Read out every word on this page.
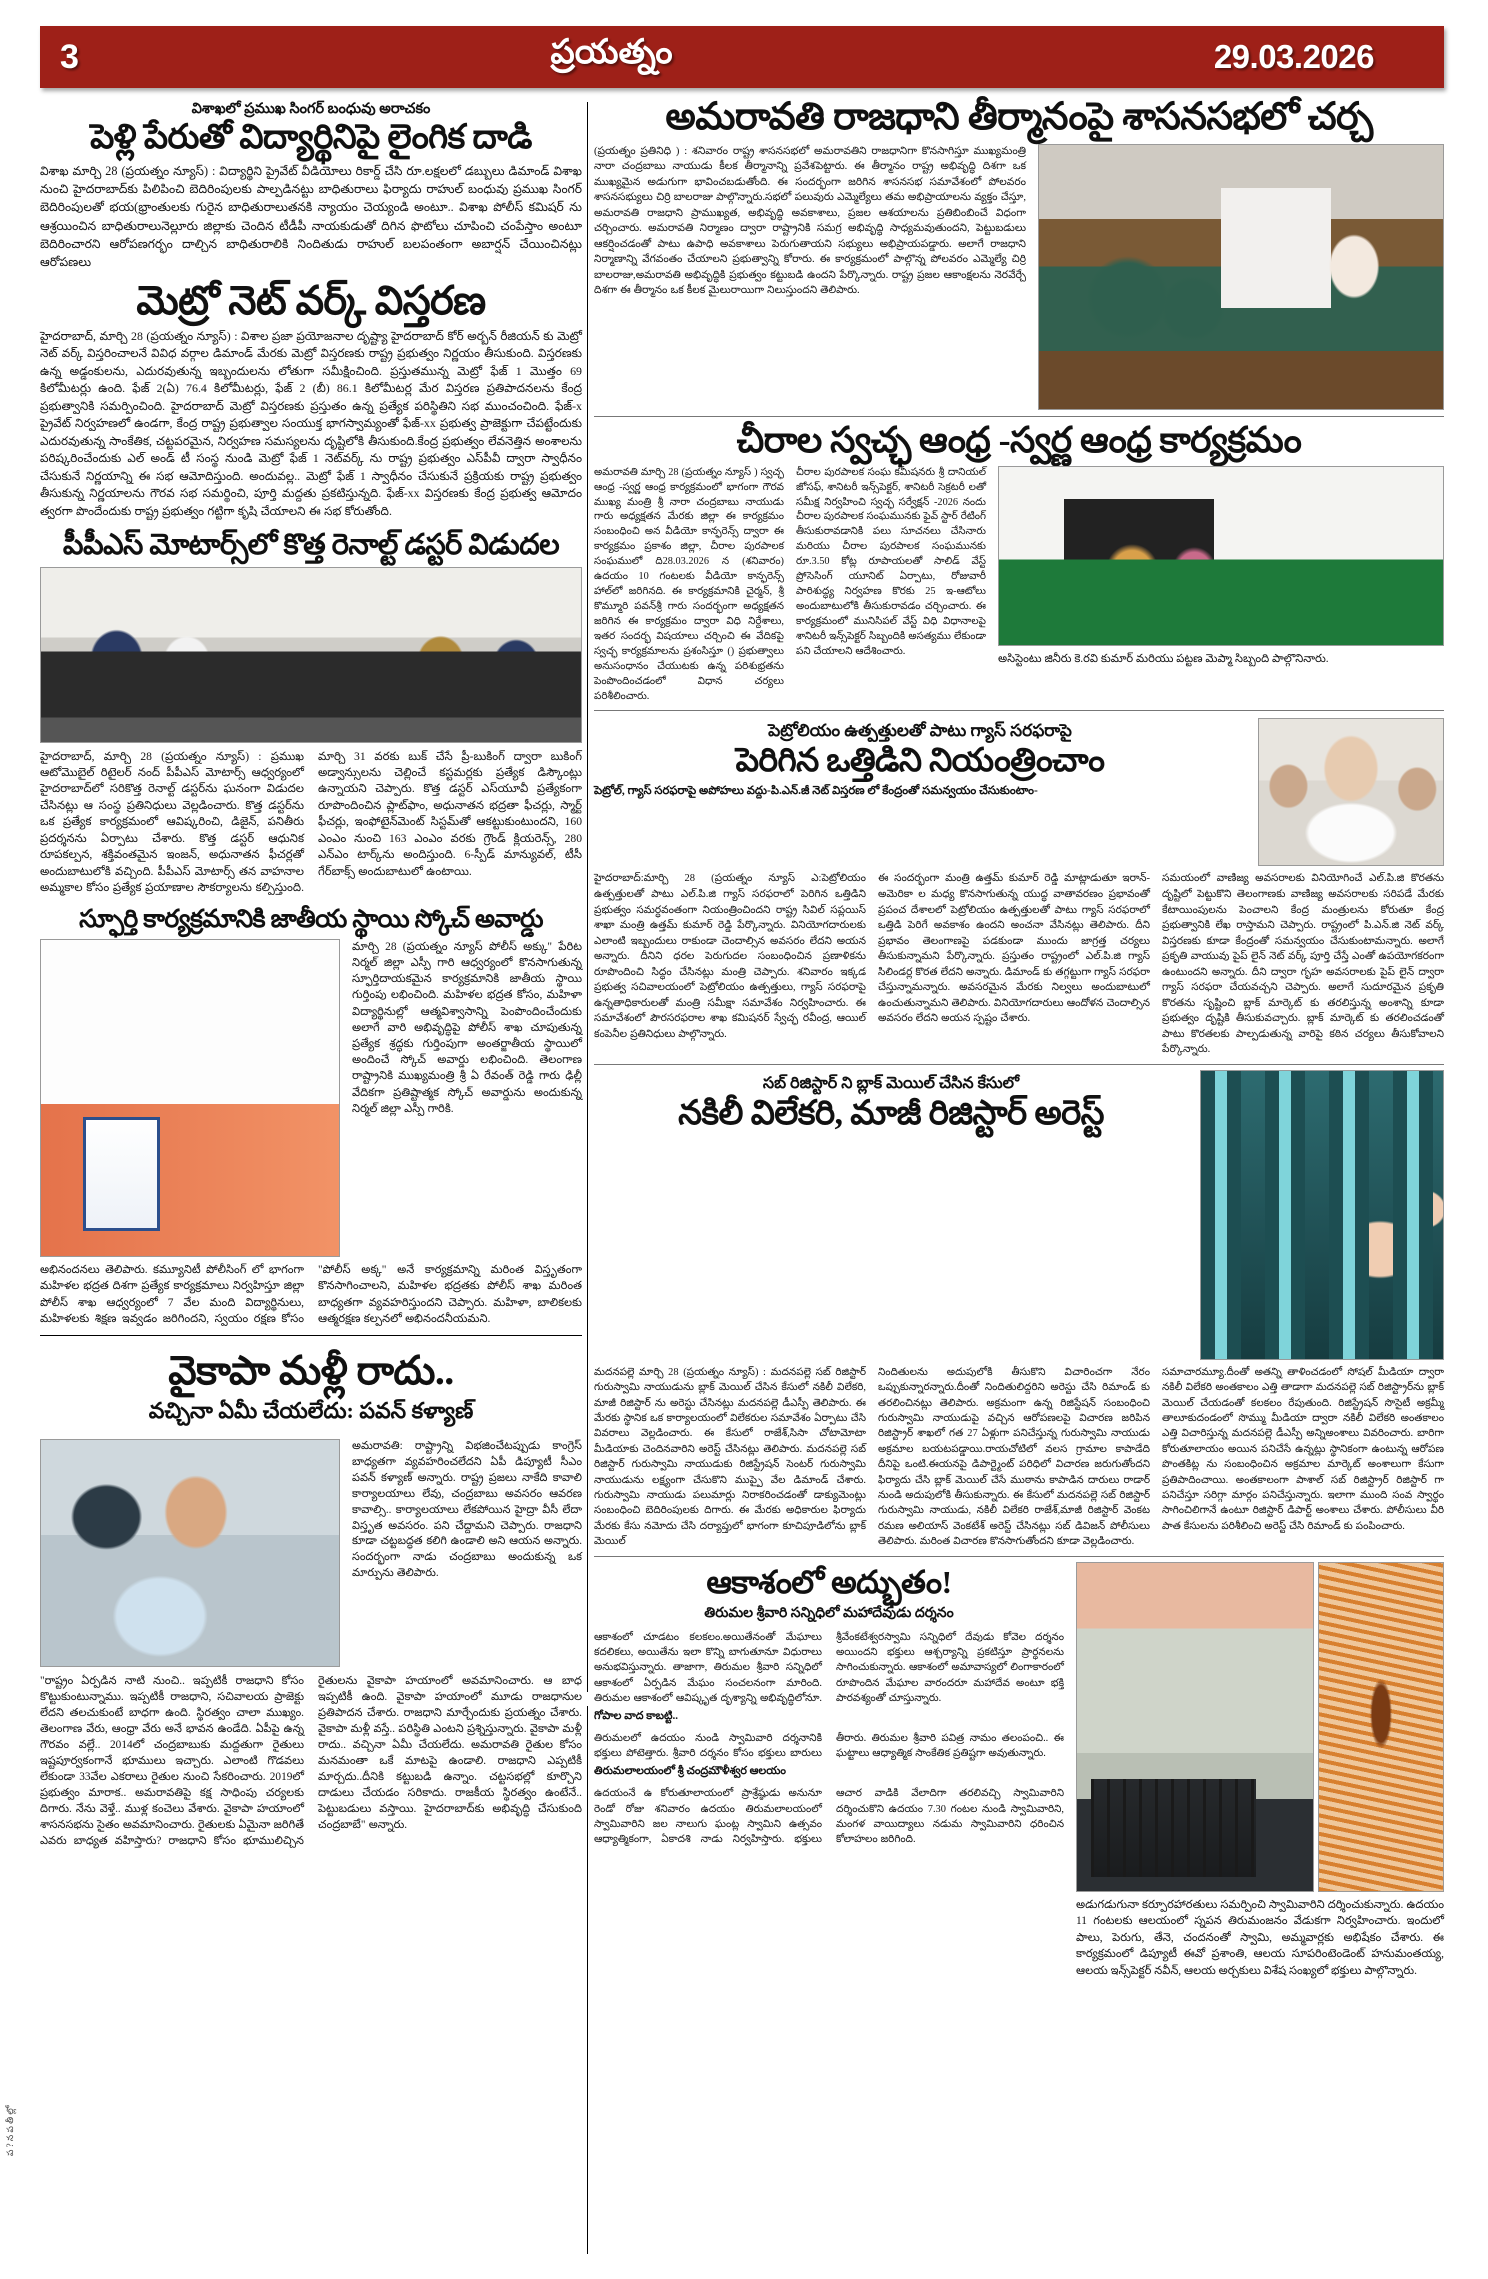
3	ప్రయత్నం	29.03.2026
విశాఖలో ప్రముఖ సింగర్ బంధువు అరాచకం
పెళ్లి పేరుతో విద్యార్థినిపై లైంగిక దాడి
విశాఖ మార్చి 28 (ప్రయత్నం న్యూస్) : విద్యార్థిని ప్రైవేట్ వీడియోలు రికార్డ్ చేసి రూ.లక్షలలో డబ్బులు డిమాండ్ విశాఖ నుంచి హైదరాబాద్‌కు పిలిపించి బెదిరింపులకు పాల్పడినట్టు బాధితురాలు ఫిర్యాదు రాహుల్ బంధువు ప్రముఖ సింగర్ బెదిరింపులతో భయ(భ్రాంతులకు గురైన బాధితురాలుతనకి న్యాయం చెయ్యండి అంటూ.. విశాఖ పోలీస్ కమిషర్ ను ఆశ్రయించిన బాధితురాలునెల్లూరు జిల్లాకు చెందిన టీడీపీ నాయకుడుతో దిగిన ఫొటోలు చూపించి చంపేస్తాం అంటూ బెదిరించారని ఆరోపణగర్భం దాల్చిన బాధితురాలికి నిందితుడు రాహుల్ బలపంతంగా అబార్షన్ చేయించినట్లు ఆరోపణలు
మెట్రో నెట్ వర్క్ విస్తరణ
హైదరాబాద్, మార్చి 28 (ప్రయత్నం న్యూస్) : విశాల ప్రజా ప్రయోజనాల దృష్ట్యా హైదరాబాద్ కోర్ అర్బన్ రీజియన్ కు మెట్రో నెట్ వర్క్ విస్తరించాలనే వివిధ వర్గాల డిమాండ్ మేరకు మెట్రో విస్తరణకు రాష్ట్ర ప్రభుత్వం నిర్ణయం తీసుకుంది. విస్తరణకు ఉన్న అడ్డంకులను, ఎదురవుతున్న ఇబ్బందులను లోతుగా సమీక్షించింది. ప్రస్తుతమున్న మెట్రో ఫేజ్ 1 మొత్తం 69 కిలోమీటర్లు ఉంది. ఫేజ్ 2(ఏ) 76.4 కిలోమీటర్లు, ఫేజ్ 2 (బీ) 86.1 కిలోమీటర్ల మేర విస్తరణ ప్రతిపాదనలను కేంద్ర ప్రభుత్వానికి సమర్పించింది. హైదరాబాద్ మెట్రో విస్తరణకు ప్రస్తుతం ఉన్న ప్రత్యేక పరిస్థితిని సభ ముంచంచింది. ఫేజ్-x ప్రైవేట్ నిర్వహణలో ఉండగా, కేంద్ర రాష్ట్ర ప్రభుత్వాల సంయుక్త భాగస్వామ్యంతో ఫేజ్-xx ప్రభుత్వ ప్రాజెక్టుగా చేపట్టేందుకు ఎదురవుతున్న సాంకేతిక, చట్టపరమైన, నిర్వహణ సమస్యలను దృష్టిలోకి తీసుకుంది.కేంద్ర ప్రభుత్వం లేవనెత్తిన అంశాలను పరిష్కరించేందుకు ఎల్ అండ్ టీ సంస్థ నుండి మెట్రో ఫేజ్ 1 నెట్‌వర్క్ ను రాష్ట్ర ప్రభుత్వం ఎస్‌పీవీ ద్వారా స్వాధీనం చేసుకునే నిర్ణయాన్ని ఈ సభ ఆమోదిస్తుంది. అందువల్ల.. మెట్రో ఫేజ్ 1 స్వాధీనం చేసుకునే ప్రక్రియకు రాష్ట్ర ప్రభుత్వం తీసుకున్న నిర్ణయాలను గౌరవ సభ సమర్థించి, పూర్తి మద్దతు ప్రకటిస్తున్నది. ఫేజ్-xx విస్తరణకు కేంద్ర ప్రభుత్వ ఆమోదం త్వరగా పొందేందుకు రాష్ట్ర ప్రభుత్వం గట్టిగా కృషి చేయాలని ఈ సభ కోరుతోంది.
పీపీఎస్ మోటార్స్‌లో కొత్త రెనాల్ట్ డస్టర్ విడుదల
హైదరాబాద్, మార్చి 28 (ప్రయత్నం న్యూస్) : ప్రముఖ ఆటోమొబైల్ రిటైలర్ నంద్ పీపీఎస్ మోటార్స్ ఆధ్వర్యంలో హైదరాబాద్‌లో సరికొత్త రెనాల్ట్ డస్టర్‌ను ఘనంగా విడుదల చేసినట్లు ఆ సంస్థ ప్రతినిధులు వెల్లడించారు. కొత్త డస్టర్‌ను ఒక ప్రత్యేక కార్యక్రమంలో ఆవిష్కరించి, డిజైన్, పనితీరు ప్రదర్శనను ఏర్పాటు చేశారు. కొత్త డస్టర్ ఆధునిక రూపకల్పన, శక్తివంతమైన ఇంజన్, అధునాతన ఫీచర్లతో అందుబాటులోకి వచ్చింది. పీపీఎస్ మోటార్స్ తన వాహనాల అమ్మకాల కోసం ప్రత్యేక ప్రయాణాల సౌకర్యాలను కల్పిస్తుంది. మార్చి 31 వరకు బుక్ చేసే ప్రీ-బుకింగ్ ద్వారా బుకింగ్ అడ్వాన్సులను చెల్లించే కస్టమర్లకు ప్రత్యేక డిస్కౌంట్లు ఉన్నాయని చెప్పారు. కొత్త డస్టర్ ఎస్‌యూవీ ప్రత్యేకంగా రూపొందించిన ప్లాట్‌ఫాం, అధునాతన భద్రతా ఫీచర్లు, స్మార్ట్ ఫీచర్లు, ఇంఫోటైన్‌మెంట్ సిస్టమ్‌తో ఆకట్టుకుంటుందని, 160 ఎంఎం నుంచి 163 ఎంఎం వరకు గ్రౌండ్ క్లియరెన్స్, 280 ఎన్‌ఎం టార్క్‌ను అందిస్తుంది. 6-స్పీడ్ మాన్యువల్, టీసీ గేర్‌బాక్స్ అందుబాటులో ఉంటాయి.
స్ఫూర్తి కార్యక్రమానికి జాతీయ స్థాయి స్కోచ్ అవార్డు
మార్చి 28 (ప్రయత్నం న్యూస్ పోలీస్ అక్కు" పేరిట నిర్మల్ జిల్లా ఎస్పీ గారి ఆధ్వర్యంలో కొనసాగుతున్న స్ఫూర్తిదాయకమైన కార్యక్రమానికి జాతీయ స్థాయి గుర్తింపు లభించింది. మహిళల భద్రత కోసం, మహిళా విద్యార్థినుల్లో ఆత్మవిశ్వాసాన్ని పెంపొందించేందుకు అలాగే వారి అభివృద్ధిపై పోలీస్ శాఖ చూపుతున్న ప్రత్యేక శ్రద్ధకు గుర్తింపుగా అంతర్జాతీయ స్థాయిలో అందించే స్కోచ్ అవార్డు లభించింది. తెలంగాణ రాష్ట్రానికి ముఖ్యమంత్రి శ్రీ ఏ రేవంత్ రెడ్డి గారు ఢిల్లీ వేదికగా ప్రతిష్టాత్మక స్కోచ్ అవార్డును అందుకున్న నిర్మల్ జిల్లా ఎస్పీ గారికి.
అభినందనలు తెలిపారు. కమ్యూనిటీ పోలీసింగ్ లో భాగంగా మహిళల భద్రత దిశగా ప్రత్యేక కార్యక్రమాలు నిర్వహిస్తూ జిల్లా పోలీస్ శాఖ ఆధ్వర్యంలో 7 వేల మంది విద్యార్థినులు, మహిళలకు శిక్షణ ఇవ్వడం జరిగిందని, స్వయం రక్షణ కోసం "పోలీస్ అక్క" అనే కార్యక్రమాన్ని మరింత విస్తృతంగా కొనసాగించాలని, మహిళల భద్రతకు పోలీస్ శాఖ మరింత బాధ్యతగా వ్యవహరిస్తుందని చెప్పారు. మహిళా, బాలికలకు ఆత్మరక్షణ కల్పనలో అభినందనీయమని.
వైకాపా మళ్లీ రాదు..
వచ్చినా ఏమీ చేయలేదు: పవన్ కళ్యాణ్
అమరావతి: రాష్ట్రాన్ని విభజించేటప్పుడు కాంగ్రెస్ బాధ్యతగా వ్యవహరించలేదని ఏపీ డిప్యూటీ సీఎం పవన్ కళ్యాణ్ అన్నారు. రాష్ట్ర ప్రజలు నాకేది కావాలి కార్యాలయాలు లేవు, చంద్రబాబు అవసరం ఆవరణ కావాల్సి.. కార్యాలయాలు లేకపోయిన హైద్రా వీసీ లేదా విస్తృత అవసరం. పని చేద్దామని చెప్పారు. రాజధాని కూడా చట్టబద్ధత కలిగి ఉండాలి అని ఆయన అన్నారు. సందర్భంగా నాడు చంద్రబాబు అందుకున్న ఒక మార్పును తెలిపారు.
"రాష్ట్రం ఏర్పడిన నాటి నుంచి.. ఇప్పటికీ రాజధాని కోసం కొట్టుకుంటున్నాము. ఇప్పటికీ రాజధాని, సచివాలయ ప్రాజెక్టు లేదని తలచుకుంటే బాధగా ఉంది. స్థిరత్వం చాలా ముఖ్యం. తెలంగాణ వేరు, ఆంధ్రా వేరు అనే భావన ఉండేది. ఏపీపై ఉన్న గౌరవం వల్లే.. 2014లో చంద్రబాబుకు మద్దతుగా రైతులు ఇష్టపూర్వకంగానే భూములు ఇచ్చారు. ఎలాంటి గొడవలు లేకుండా 33వేల ఎకరాలు రైతుల నుంచి సేకరించారు. 2019లో ప్రభుత్వం మారాక.. అమరావతిపై కక్ష సాధింపు చర్యలకు దిగారు. నేను వెళ్తే.. ముళ్ల కంచెలు వేశారు. వైకాపా హయాంలో శాసనసభను సైతం అవమానించారు. రైతులకు ఏమైనా జరిగితే ఎవరు బాధ్యత వహిస్తారు? రాజధాని కోసం భూములిచ్చిన రైతులను వైకాపా హయాంలో అవమానించారు. ఆ బాధ ఇప్పటికీ ఉంది. వైకాపా హయాంలో మూడు రాజధానుల ప్రతిపాదన చేశారు. రాజధాని మార్చేందుకు ప్రయత్నం చేశారు. వైకాపా మళ్లీ వస్తే.. పరిస్థితి ఎంటని ప్రశ్నిస్తున్నారు. వైకాపా మళ్లీ రాదు.. వచ్చినా ఏమీ చేయలేదు. అమరావతి రైతుల కోసం మనమంతా ఒకే మాటపై ఉండాలి. రాజధాని ఎప్పటికీ మార్చదు..దీనికి కట్టుబడి ఉన్నాం. చట్టసభల్లో కూర్చొని దాడులు చేయడం సరికాదు. రాజకీయ స్థిరత్వం ఉంటేనే.. పెట్టుబడులు వస్తాయి. హైదరాబాద్‌కు అభివృద్ధి చేసుకుంది చంద్రబాబే" అన్నారు.
ప ? న ప తీ ల్లో
అమరావతి రాజధాని తీర్మానంపై శాసనసభలో చర్చ
(ప్రయత్నం ప్రతినిధి ) : శనివారం రాష్ట్ర శాసనసభలో అమరావతిని రాజధానిగా కొనసాగిస్తూ ముఖ్యమంత్రి నారా చంద్రబాబు నాయుడు కీలక తీర్మానాన్ని ప్రవేశపెట్టారు. ఈ తీర్మానం రాష్ట్ర అభివృద్ధి దిశగా ఒక ముఖ్యమైన అడుగుగా భావించబడుతోంది. ఈ సందర్భంగా జరిగిన శాసనసభ సమావేశంలో పోలవరం శాసనసభ్యులు చిర్రి బాలరాజు పాల్గొన్నారు.సభలో పలువురు ఎమ్మెల్యేలు తమ అభిప్రాయాలను వ్యక్తం చేస్తూ, అమరావతి రాజధాని ప్రాముఖ్యత, అభివృద్ధి అవకాశాలు, ప్రజల ఆశయాలను ప్రతిబింబించే విధంగా చర్చించారు. అమరావతి నిర్మాణం ద్వారా రాష్ట్రానికి సమగ్ర అభివృద్ధి సాధ్యమవుతుందని, పెట్టుబడులు ఆకర్షించడంతో పాటు ఉపాధి అవకాశాలు పెరుగుతాయని సభ్యులు అభిప్రాయపడ్డారు. అలాగే రాజధాని నిర్మాణాన్ని వేగవంతం చేయాలని ప్రభుత్వాన్ని కోరారు. ఈ కార్యక్రమంలో పాల్గొన్న పోలవరం ఎమ్మెల్యే చిర్రి బాలరాజు,అమరావతి అభివృద్ధికి ప్రభుత్వం కట్టుబడి ఉందని పేర్కొన్నారు. రాష్ట్ర ప్రజల ఆకాంక్షలను నెరవేర్చే దిశగా ఈ తీర్మానం ఒక కీలక మైలురాయిగా నిలుస్తుందని తెలిపారు.
చీరాల స్వచ్ఛ ఆంధ్ర -స్వర్ణ ఆంధ్ర కార్యక్రమం
అమరావతి మార్చి 28 (ప్రయత్నం న్యూస్ ) స్వచ్ఛ ఆంధ్ర -స్వర్ణ ఆంధ్ర కార్యక్రమంలో భాగంగా గౌరవ ముఖ్య మంత్రి శ్రీ నారా చంద్రబాబు నాయుడు గారు అధ్యక్షతన మేరకు జిల్లా ఈ కార్యక్రమం సంబంధించి అన వీడియో కాన్ఫరెన్స్ ద్వారా ఈ కార్యక్రమం ప్రకాశం జిల్లా, చీరాల పురపాలక సంఘములో ది28.03.2026 న (శనివారం) ఉదయం 10 గంటలకు వీడియో కాన్ఫరెన్స్ హాల్‌లో జరిగినది. ఈ కార్యక్రమానికి చైర్మన్, శ్రీ కొమ్మూరి పవన్‌శ్రీ గారు సందర్భంగా అధ్యక్షతన జరిగిన ఈ కార్యక్రమం ద్వారా విధి నిర్దేశాలు, ఇతర సందర్భ విషయాలు చర్చించి ఈ వేదికపై స్వచ్ఛ కార్యక్రమాలను ప్రశంసిస్తూ () ప్రభుత్వాలు అనుసంధానం చేయుటకు ఉన్న పరిశుభ్రతను పెంపొందించడంలో విధాన చర్యలు పరిశీలించారు.
చీరాల పురపాలక సంఘ కమీషనరు శ్రీ దానియల్ జోసఫ్, శానిటరీ ఇన్స్‌పెక్టర్, శానిటరీ సెక్రటరీ లతో సమీక్ష నిర్వహించి స్వచ్ఛ సర్వేక్షన్ -2026 నందు చీరాల పురపాలక సంఘమునకు ఫైవ్ స్టార్ రేటింగ్ తీసుకురావడానికి పలు సూచనలు చేసినారు మరియు చీరాల పురపాలక సంఘమునకు రూ.3.50 కోట్ల రూపాయలతో సాలిడ్ వేస్ట్ ప్రోసెసింగ్ యూనిట్ ఏర్పాటు, రోజువారీ పారిశుద్ధ్య నిర్వహణ కొరకు 25 ఇ-ఆటోలు అందుబాటులోకి తీసుకురావడం చర్చించారు. ఈ కార్యక్రమంలో మునిసిపల్ వేస్ట్ విధి విధానాలపై శానిటరీ ఇన్స్‌పెక్టర్ సిబ్బందికి అసత్యము లేకుండా పని చేయాలని ఆదేశించారు.
అసిస్టెంటు జినీరు కె.రవి కుమార్ మరియు పట్టణ మెప్మా సిబ్బంది పాల్గొనినారు.
పెట్రోలియం ఉత్పత్తులతో పాటు గ్యాస్ సరఫరాపై
పెరిగిన ఒత్తిడిని నియంత్రించాం
పెట్రోల్, గ్యాస్ సరఫరాపై అపోహలు వద్దు-పి.ఎన్.జీ నెట్ విస్తరణ లో కేంద్రంతో సమన్వయం చేసుకుంటాం-
హైదరాబాద్:మార్చి 28 (ప్రయత్నం న్యూస్ ఎ:పెట్రోలియం ఉత్పత్తులతో పాటు ఎల్.పి.జి గ్యాస్ సరఫరాలో పెరిగిన ఒత్తిడిని ప్రభుత్వం సమర్ధవంతంగా నియంత్రించిందని రాష్ట్ర సివిల్ సప్లయిస్ శాఖా మంత్రి ఉత్తమ్ కుమార్ రెడ్డి పేర్కొన్నారు. వినియోగదారులకు ఎలాంటి ఇబ్బందులు రాకుండా చెందాల్సిన అవసరం లేదని అయన అన్నారు. దీనిని ధరల పెరుగుదల సంబంధించిన ప్రణాళికను రూపొందించి సిద్ధం చేసినట్లు మంత్రి చెప్పారు. శనివారం ఇక్కడ ప్రభుత్వ సచివాలయంలో పెట్రోలియం ఉత్పత్తులు, గ్యాస్ సరఫరాపై ఉన్నతాధికారులతో మంత్రి సమీక్షా సమావేశం నిర్వహించారు. ఈ సమావేశంలో పౌరసరఫరాల శాఖ కమిషనర్ స్వేచ్ఛ రవీంద్ర, ఆయిల్ కంపెనీల ప్రతినిధులు పాల్గొన్నారు.
ఈ సందర్భంగా మంత్రి ఉత్తమ్ కుమార్ రెడ్డి మాట్లాడుతూ ఇరాన్- అమెరికా ల మధ్య కొనసాగుతున్న యుద్ధ వాతావరణం ప్రభావంతో ప్రపంచ దేశాలలో పెట్రోలియం ఉత్పత్తులతో పాటు గ్యాస్ సరఫరాలో ఒత్తిడి పెరిగే అవకాశం ఉందని అంచనా వేసినట్లు తెలిపారు. దీని ప్రభావం తెలంగాణపై పడకుండా ముందు జాగ్రత్త చర్యలు తీసుకున్నామని పేర్కొన్నారు. ప్రస్తుతం రాష్ట్రంలో ఎల్.పి.జి గ్యాస్ సిలిండర్ల కొరత లేదని అన్నారు. డిమాండ్ కు తగ్గట్టుగా గ్యాస్ సరఫరా చేస్తున్నామన్నారు. అవసరమైన మేరకు నిల్వలు అందుబాటులో ఉంచుతున్నామని తెలిపారు. వినియోగదారులు ఆందోళన చెందాల్సిన అవసరం లేదని అయన స్పష్టం చేశారు.
సమయంలో వాణిజ్య అవసరాలకు వినియోగించే ఎల్.పి.జి కొరతను దృష్టిలో పెట్టుకొని తెలంగాణకు వాణిజ్య అవసరాలకు సరిపడే మేరకు కేటాయింపులను పెంచాలని కేంద్ర మంత్రులను కోరుతూ కేంద్ర ప్రభుత్వానికి లేఖ రాస్తామని చెప్పారు. రాష్ట్రంలో పి.ఎన్.జి నెట్ వర్క్ విస్తరణకు కూడా కేంద్రంతో సమన్వయం చేసుకుంటామన్నారు. అలాగే ప్రకృతి వాయువు పైప్ లైన్ నెట్ వర్క్ పూర్తి చేస్తే ఎంతో ఉపయోగకరంగా ఉంటుందని అన్నారు. దీని ద్వారా గృహ అవసరాలకు పైప్ లైన్ ద్వారా గ్యాస్ సరఫరా చేయవచ్చని చెప్పారు. అలాగే సుదూరమైన ప్రకృతి కొరతను సృష్టించి బ్లాక్ మార్కెట్ కు తరలిస్తున్న అంశాన్ని కూడా ప్రభుత్వం దృష్టికి తీసుకువచ్చారు. బ్లాక్ మార్కెట్ కు తరలించడంతో పాటు కొరతలకు పాల్పడుతున్న వారిపై కఠిన చర్యలు తీసుకోవాలని పేర్కొన్నారు.
సబ్ రిజిస్టార్ ని బ్లాక్ మెయిల్ చేసిన కేసులో
నకిలీ విలేకరి, మాజీ రిజిస్టార్ అరెస్ట్
మదనపల్లె మార్చి 28 (ప్రయత్నం న్యూస్) : మదనపల్లె సబ్ రిజిస్టార్ గురుస్వామి నాయుడును బ్లాక్ మెయిల్ చేసిన కేసులో నకిలీ విలేకరి, మాజీ రిజిస్టార్ ను అరెస్టు చేసినట్లు మదనపల్లె డీఎస్పీ తెలిపారు. ఈ మేరకు స్థానిక ఒక కార్యాలయంలో విలేకరుల సమావేశం ఏర్పాటు చేసి వివరాలు వెల్లడించారు. ఈ కేసులో రాజేశ్,సిసా చోటామోటా మీడియాకు చెందినవారిని అరెస్ట్ చేసినట్లు తెలిపారు. మదనపల్లె సబ్ రిజిస్టార్ గురుస్వామి నాయుడుకు రిజిస్ట్రేషన్ సెంటర్ గురుస్వామి నాయుడును లక్ష్యంగా చేసుకొని ముప్పై వేల డిమాండ్ చేశారు. గురుస్వామి నాయుడు పలుమార్లు నిరాకరించడంతో డాక్యుమెంట్లు సంబంధించి బెదిరింపులకు దిగారు. ఈ మేరకు అధికారుల ఫిర్యాదు మేరకు కేసు నమోదు చేసి దర్యాప్తులో భాగంగా కూచిపూడిలోను బ్లాక్ మెయిల్
నిందితులను అదుపులోకి తీసుకొని విచారించగా నేరం ఒప్పుకున్నారన్నారు.దీంతో నిందితులిద్దరిని అరెస్టు చేసి రిమాండ్ కు తరలించినట్లు తెలిపారు. అక్రమంగా ఉన్న రిజిస్టేషన్ సంబంధించి గురుస్వామి నాయుడుపై వచ్చిన ఆరోపణలపై విచారణ జరిపిన రిజిస్ట్రార్ శాఖలో గత 27 ఏళ్లుగా పనిచేస్తున్న గురుస్వామి నాయుడు అక్రమాల బయటపడ్డాయి.రాయచోటిలో వలస గ్రామాల కాపాడేది దీనిపై ఒంటి.ఈయనపై డిపార్ట్మెంట్ పరిధిలో విచారణ జరుగుతోందని ఫిర్యాదు చేసి బ్లాక్ మెయిల్ చేసే ముఠాను కాపాడిన దారులు రాడార్ నుండి అదుపులోకి తీసుకున్నారు. ఈ కేసులో మదనపల్లె సబ్ రిజిస్టార్ గురుస్వామి నాయుడు, నకిలీ విలేకరి రాజేశ్,మాజీ రిజిస్టార్ వెంకట రమణ అలియాస్ వెంకటేశ్ అరెస్ట్ చేసినట్లు సబ్ డివిజన్ పోలీసులు తెలిపారు. మరింత విచారణ కొనసాగుతోందని కూడా వెల్లడించారు.
సమాచారమ్యూ.దీంతో అతన్ని తాళించడంలో సోషల్ మీడియా ద్వారా నకిలీ విలేకరి అంతకాలం ఎత్తి తాడాగా మదనపల్లె సబ్ రిజిస్ట్రార్‌ను బ్లాక్ మెయిల్ చేయడంతో కలకలం రేపుతుంది. రిజిస్ట్రేషన్ సొసైటీ అక్రమ్మీ తాలూకుదండంలో సొమ్ము మీడియా ద్వారా నకిలీ విలేకరి అంతకాలం ఎత్తి విచారిస్తున్న మదనపల్లె డీఎస్పీ అన్నిఅంశాలు వివరించారు. బారిగా కోరుతూలాయం అయిన పనిచేసే ఉన్నట్లు స్థానికంగా ఉంటున్న ఆరోపణ పొంతకిట్ల ను సంబంధించిన అక్రమాల మార్కెట్ అంశాలుగా కేసుగా ప్రతిపాదించాయి. అంతకాలంగా పాశాల్ సబ్ రిజిస్ట్రార్ రిజిస్టార్ గా పనిచేస్తూ సరిగ్గా మార్గం పనిచేస్తున్నారు. ఇలాగా ముంది సంవ స్వార్థం సాగించిలిగానే ఉంటూ రిజిస్టార్ డిపార్ట్ అంశాలు చేశారు. పోలీసులు వీరి పాత కేసులను పరిశీలించి అరెస్ట్ చేసి రిమాండ్ కు పంపించారు.
ఆకాశంలో అద్భుతం!
తిరుమల శ్రీవారి సన్నిధిలో మహాదేవుడు దర్శనం
ఆకాశంలో చూడటం కలకలం.అయితేనంతో మేఘాలు కదలికలు, అయితేను ఇలా కొన్ని బాగుతూనూ విధురాలు అనుభవిస్తున్నారు. తాజాగా, తిరుమల శ్రీవారి సన్నిధిలో ఆకాశంలో ఏర్పడిన మేఘం సంచలనంగా మారింది. తిరుమల ఆకాశంలో ఆవిష్కృత దృశ్యాన్ని అభివృద్ధిలోనూ. శ్రీవేంకటేశ్వరస్వామి సన్నిధిలో దేవుడు కోవెల దర్శనం అయిందని భక్తులు ఆశ్చర్యాన్ని ప్రకటిస్తూ ప్రార్థనలను సాగించుకున్నారు. ఆకాశంలో అమావాస్యలో లింగాకారంలో రూపొందిన మేఘాల వారందరూ మహాదేవ అంటూ భక్తి పారవశ్యంతో చూస్తున్నారు.
గోపాల వాద కాబట్టి..
తిరుమలలో ఉదయం నుండి స్వామివారి దర్శనానికి భక్తులు పోటెత్తారు. శ్రీవారి దర్శనం కోసం భక్తులు బారులు తీరారు. తిరుమల శ్రీవారి పవిత్ర నామం తలంపంచి.. ఈ ఘట్టాలు ఆధ్యాత్మిక సాంకేతిక ప్రతిష్టగా అవుతున్నారు.
తిరుమలాలయంలో శ్రీ చంద్రమౌళీశ్వర ఆలయం
ఉదయంనే ఉ కోరుతూలాయంలో ప్రాశ్రేష్ఠుడు అనునూ రెండో రోజు శనివారం ఉదయం తిరుమలాలయంలో స్వామివారిని జల నాలుగు ఘంట్ల స్వామిని ఉత్సవం ఆధ్యాత్మికంగా, ఏకాదశి నాడు నిర్వహిస్తారు. భక్తులు ఆచార వాడికి వేలాదిగా తరలివచ్చి స్వామివారిని దర్శించుకొని ఉదయం 7.30 గంటల నుండి స్వామివారిని, మంగళ వాయిద్యాలు నడుమ స్వామివారిని ధరించిన కోలాహలం జరిగింది.
అడుగడుగునా కర్పూరహారతులు సమర్పించి స్వామివారిని దర్శించుకున్నారు. ఉదయం 11 గంటలకు ఆలయంలో స్నపన తిరుమంజనం వేడుకగా నిర్వహించారు. ఇందులో పాలు, పెరుగు, తేనె, చందనంతో స్వామి, అమ్మవార్లకు అభిషేకం చేశారు. ఈ కార్యక్రమంలో డిప్యూటీ ఈవో ప్రశాంతి, ఆలయ సూపరింటెండెంట్ హనుమంతయ్య, ఆలయ ఇన్స్‌పెక్టర్ నవీన్, ఆలయ అర్చకులు విశేష సంఖ్యలో భక్తులు పాల్గొన్నారు.
